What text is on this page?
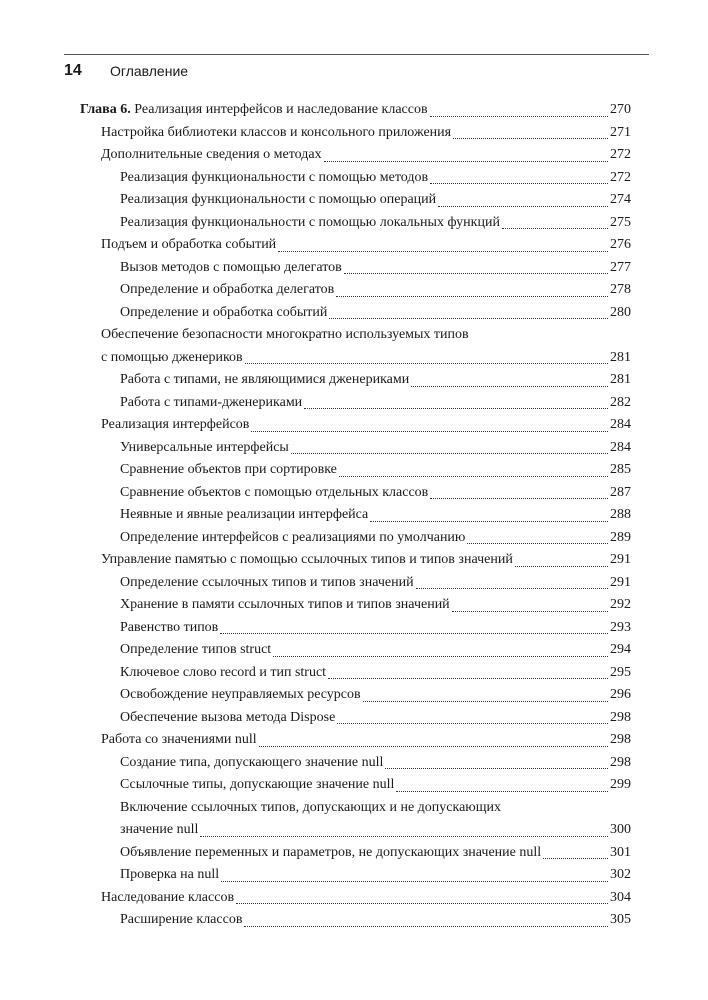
14 Оглавление
Глава 6. Реализация интерфейсов и наследование классов	270
Настройка библиотеки классов и консольного приложения	271
Дополнительные сведения о методах	272
Реализация функциональности с помощью методов	272
Реализация функциональности с помощью операций	274
Реализация функциональности с помощью локальных функций	275
Подъем и обработка событий	276
Вызов методов с помощью делегатов	277
Определение и обработка делегатов	278
Определение и обработка событий	280
Обеспечение безопасности многократно используемых типов
с помощью дженериков	281
Работа с типами, не являющимися дженериками	281
Работа с типами-дженериками	282
Реализация интерфейсов	284
Универсальные интерфейсы	284
Сравнение объектов при сортировке	285
Сравнение объектов с помощью отдельных классов	287
Неявные и явные реализации интерфейса	288
Определение интерфейсов с реализациями по умолчанию	289
Управление памятью с помощью ссылочных типов и типов значений	291
Определение ссылочных типов и типов значений	291
Хранение в памяти ссылочных типов и типов значений	292
Равенство типов	293
Определение типов struct	294
Ключевое слово record и тип struct	295
Освобождение неуправляемых ресурсов	296
Обеспечение вызова метода Dispose	298
Работа со значениями null	298
Создание типа, допускающего значение null	298
Ссылочные типы, допускающие значение null	299
Включение ссылочных типов, допускающих и не допускающих
значение null	300
Объявление переменных и параметров, не допускающих значение null	301
Проверка на null	302
Наследование классов	304
Расширение классов	305
